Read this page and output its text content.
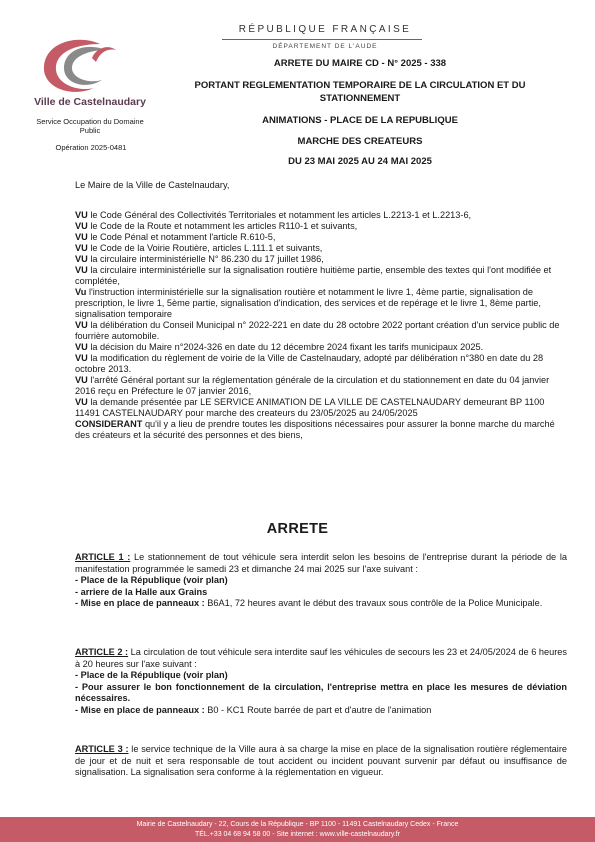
Ville de Castelnaudary
Service Occupation du Domaine Public
Opération 2025-0481
RÉPUBLIQUE FRANÇAISE
DÉPARTEMENT DE L'AUDE
ARRETE DU MAIRE CD - N° 2025 - 338
PORTANT REGLEMENTATION TEMPORAIRE DE LA CIRCULATION ET DU
STATIONNEMENT
ANIMATIONS - PLACE DE LA REPUBLIQUE
MARCHE DES CREATEURS
DU 23 MAI 2025 AU 24 MAI 2025
Le Maire de la Ville de Castelnaudary,
VU le Code Général des Collectivités Territoriales et notamment les articles L.2213-1 et L.2213-6,
VU le Code de la Route et notamment les articles R110-1 et suivants,
VU le Code Pénal et notamment l'article R.610-5,
VU le Code de la Voirie Routière, articles L.111.1 et suivants,
VU la circulaire interministérielle N° 86.230 du 17 juillet 1986,
VU la circulaire interministérielle sur la signalisation routière huitième partie, ensemble des textes qui l'ont modifiée et complétée,
Vu l'instruction interministérielle sur la signalisation routière et notamment le livre 1, 4ème partie, signalisation de prescription, le livre 1, 5ème partie, signalisation d'indication, des services et de repérage et le livre 1, 8ème partie, signalisation temporaire
VU la délibération du Conseil Municipal n° 2022-221 en date du 28 octobre 2022 portant création d'un service public de fourrière automobile.
VU la décision du Maire n°2024-326 en date du 12 décembre 2024 fixant les tarifs municipaux 2025.
VU la modification du règlement de voirie de la Ville de Castelnaudary, adopté par délibération n°380 en date du 28 octobre 2013.
VU l'arrêté Général portant sur la réglementation générale de la circulation et du stationnement en date du 04 janvier 2016 reçu en Préfecture le 07 janvier 2016,
VU la demande présentée par LE SERVICE ANIMATION DE LA VILLE DE CASTELNAUDARY demeurant BP 1100 11491 CASTELNAUDARY pour marche des createurs du 23/05/2025 au 24/05/2025
CONSIDERANT qu'il y a lieu de prendre toutes les dispositions nécessaires pour assurer la bonne marche du marché des créateurs et la sécurité des personnes et des biens,
ARRETE
ARTICLE 1 : Le stationnement de tout véhicule sera interdit selon les besoins de l'entreprise durant la période de la manifestation programmée le samedi 23 et dimanche 24 mai 2025 sur l'axe suivant :
- Place de la République (voir plan)
- arriere de la Halle aux Grains
- Mise en place de panneaux : B6A1, 72 heures avant le début des travaux sous contrôle de la Police Municipale.
ARTICLE 2 : La circulation de tout véhicule sera interdite sauf les véhicules de secours les 23 et 24/05/2024 de 6 heures à 20 heures sur l'axe suivant :
- Place de la République (voir plan)
- Pour assurer le bon fonctionnement de la circulation, l'entreprise mettra en place les mesures de déviation nécessaires.
- Mise en place de panneaux : B0 - KC1 Route barrée de part et d'autre de l'animation
ARTICLE 3 : le service technique de la Ville aura à sa charge la mise en place de la signalisation routière réglementaire de jour et de nuit et sera responsable de tout accident ou incident pouvant survenir par défaut ou insuffisance de signalisation. La signalisation sera conforme à la réglementation en vigueur.
Mairie de Castelnaudary - 22, Cours de la République - BP 1100 - 11491 Castelnaudary Cedex - France
TÉL.+33 04 68 94 58 00 - Site internet : www.ville-castelnaudary.fr
